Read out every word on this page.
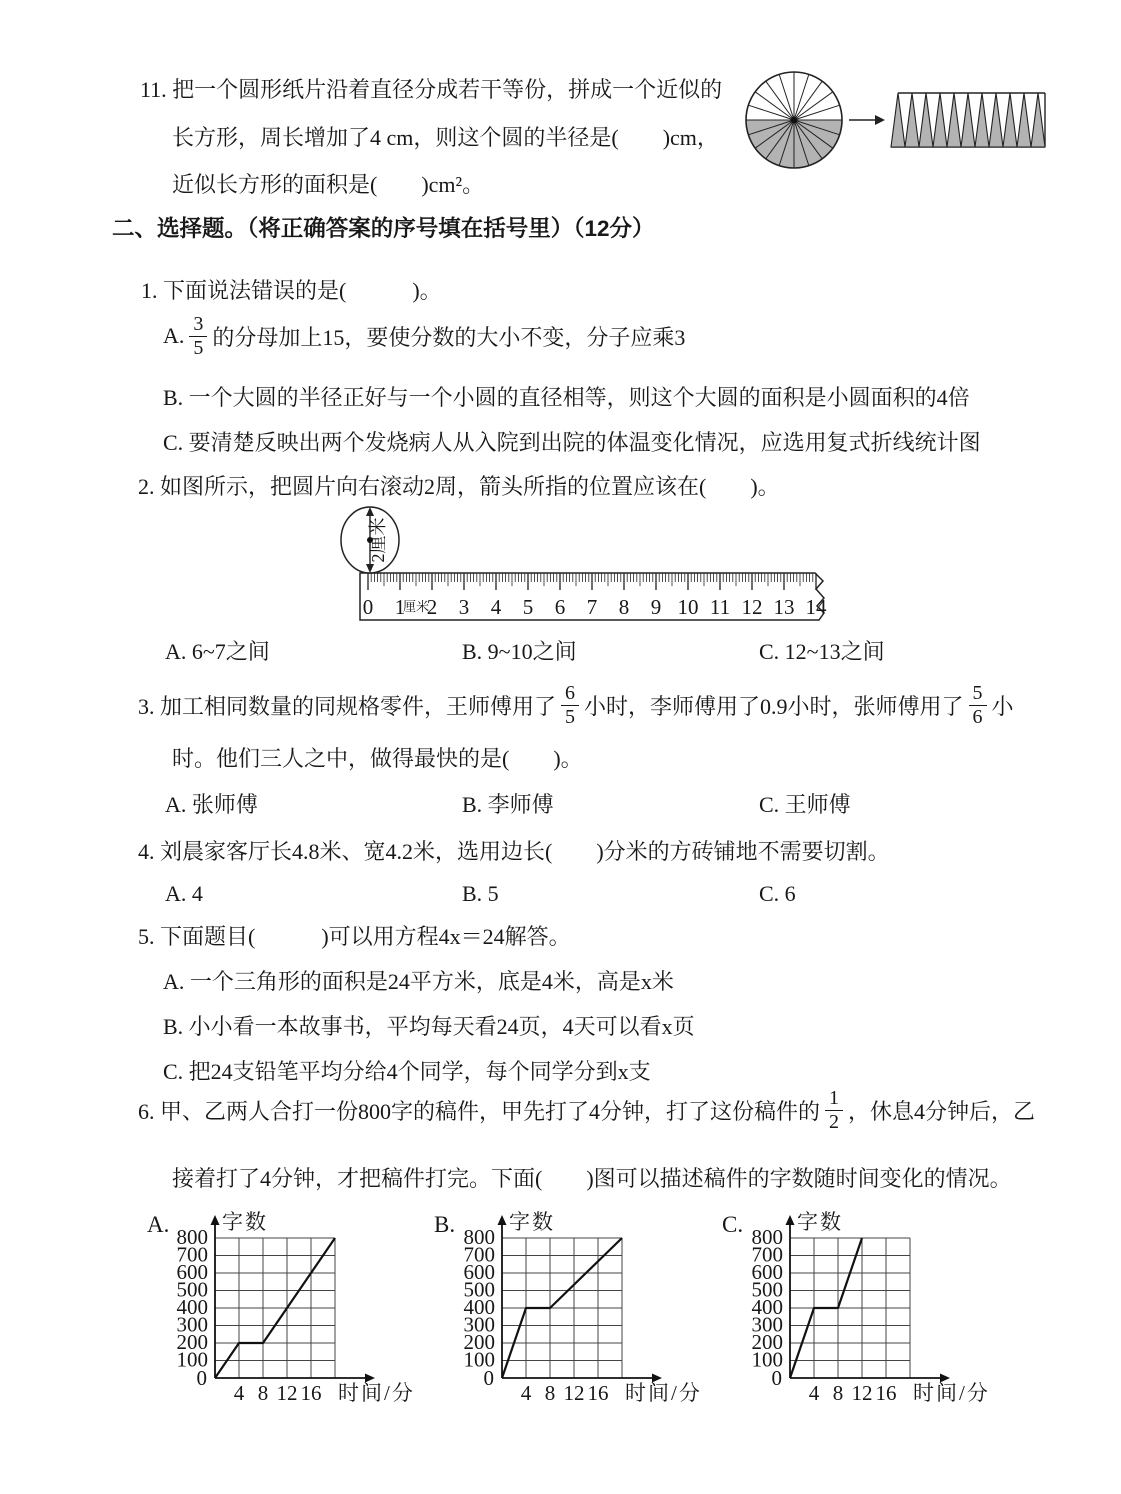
11. 把一个圆形纸片沿着直径分成若干等份，拼成一个近似的
长方形，周长增加了4 cm，则这个圆的半径是(　　)cm，
近似长方形的面积是(　　)cm²。
二、选择题。（将正确答案的序号填在括号里）（12分）
1. 下面说法错误的是(　　　)。
A. $\frac{3}{5}$ 的分母加上15，要使分数的大小不变，分子应乘3
B. 一个大圆的半径正好与一个小圆的直径相等，则这个大圆的面积是小圆面积的4倍
C. 要清楚反映出两个发烧病人从入院到出院的体温变化情况，应选用复式折线统计图
2. 如图所示，把圆片向右滚动2周，箭头所指的位置应该在(　　)。
0 1 2 3 4 5 6 7 8 9 10 11 12 13 14
厘米
2厘米
A. 6~7之间	B. 9~10之间	C. 12~13之间
3. 加工相同数量的同规格零件，王师傅用了 $\frac{6}{5}$ 小时，李师傅用了0.9小时，张师傅用了 $\frac{5}{6}$ 小
时。他们三人之中，做得最快的是(　　)。
A. 张师傅	B. 李师傅	C. 王师傅
4. 刘晨家客厅长4.8米、宽4.2米，选用边长(　　)分米的方砖铺地不需要切割。
A. 4	B. 5	C. 6
5. 下面题目(　　　)可以用方程4x＝24解答。
A. 一个三角形的面积是24平方米，底是4米，高是x米
B. 小小看一本故事书，平均每天看24页，4天可以看x页
C. 把24支铅笔平均分给4个同学，每个同学分到x支
6. 甲、乙两人合打一份800字的稿件，甲先打了4分钟，打了这份稿件的 $\frac{1}{2}$ ，休息4分钟后，乙
接着打了4分钟，才把稿件打完。下面(　　)图可以描述稿件的字数随时间变化的情况。
A.	字数
100
200
300
400
500
600
700
800
0
4 8 12 16 时间/分
B.	字数
100
200
300
400
500
600
700
800
0
4 8 12 16 时间/分
C.	字数
100
200
300
400
500
600
700
800
0
4 8 12 16 时间/分
